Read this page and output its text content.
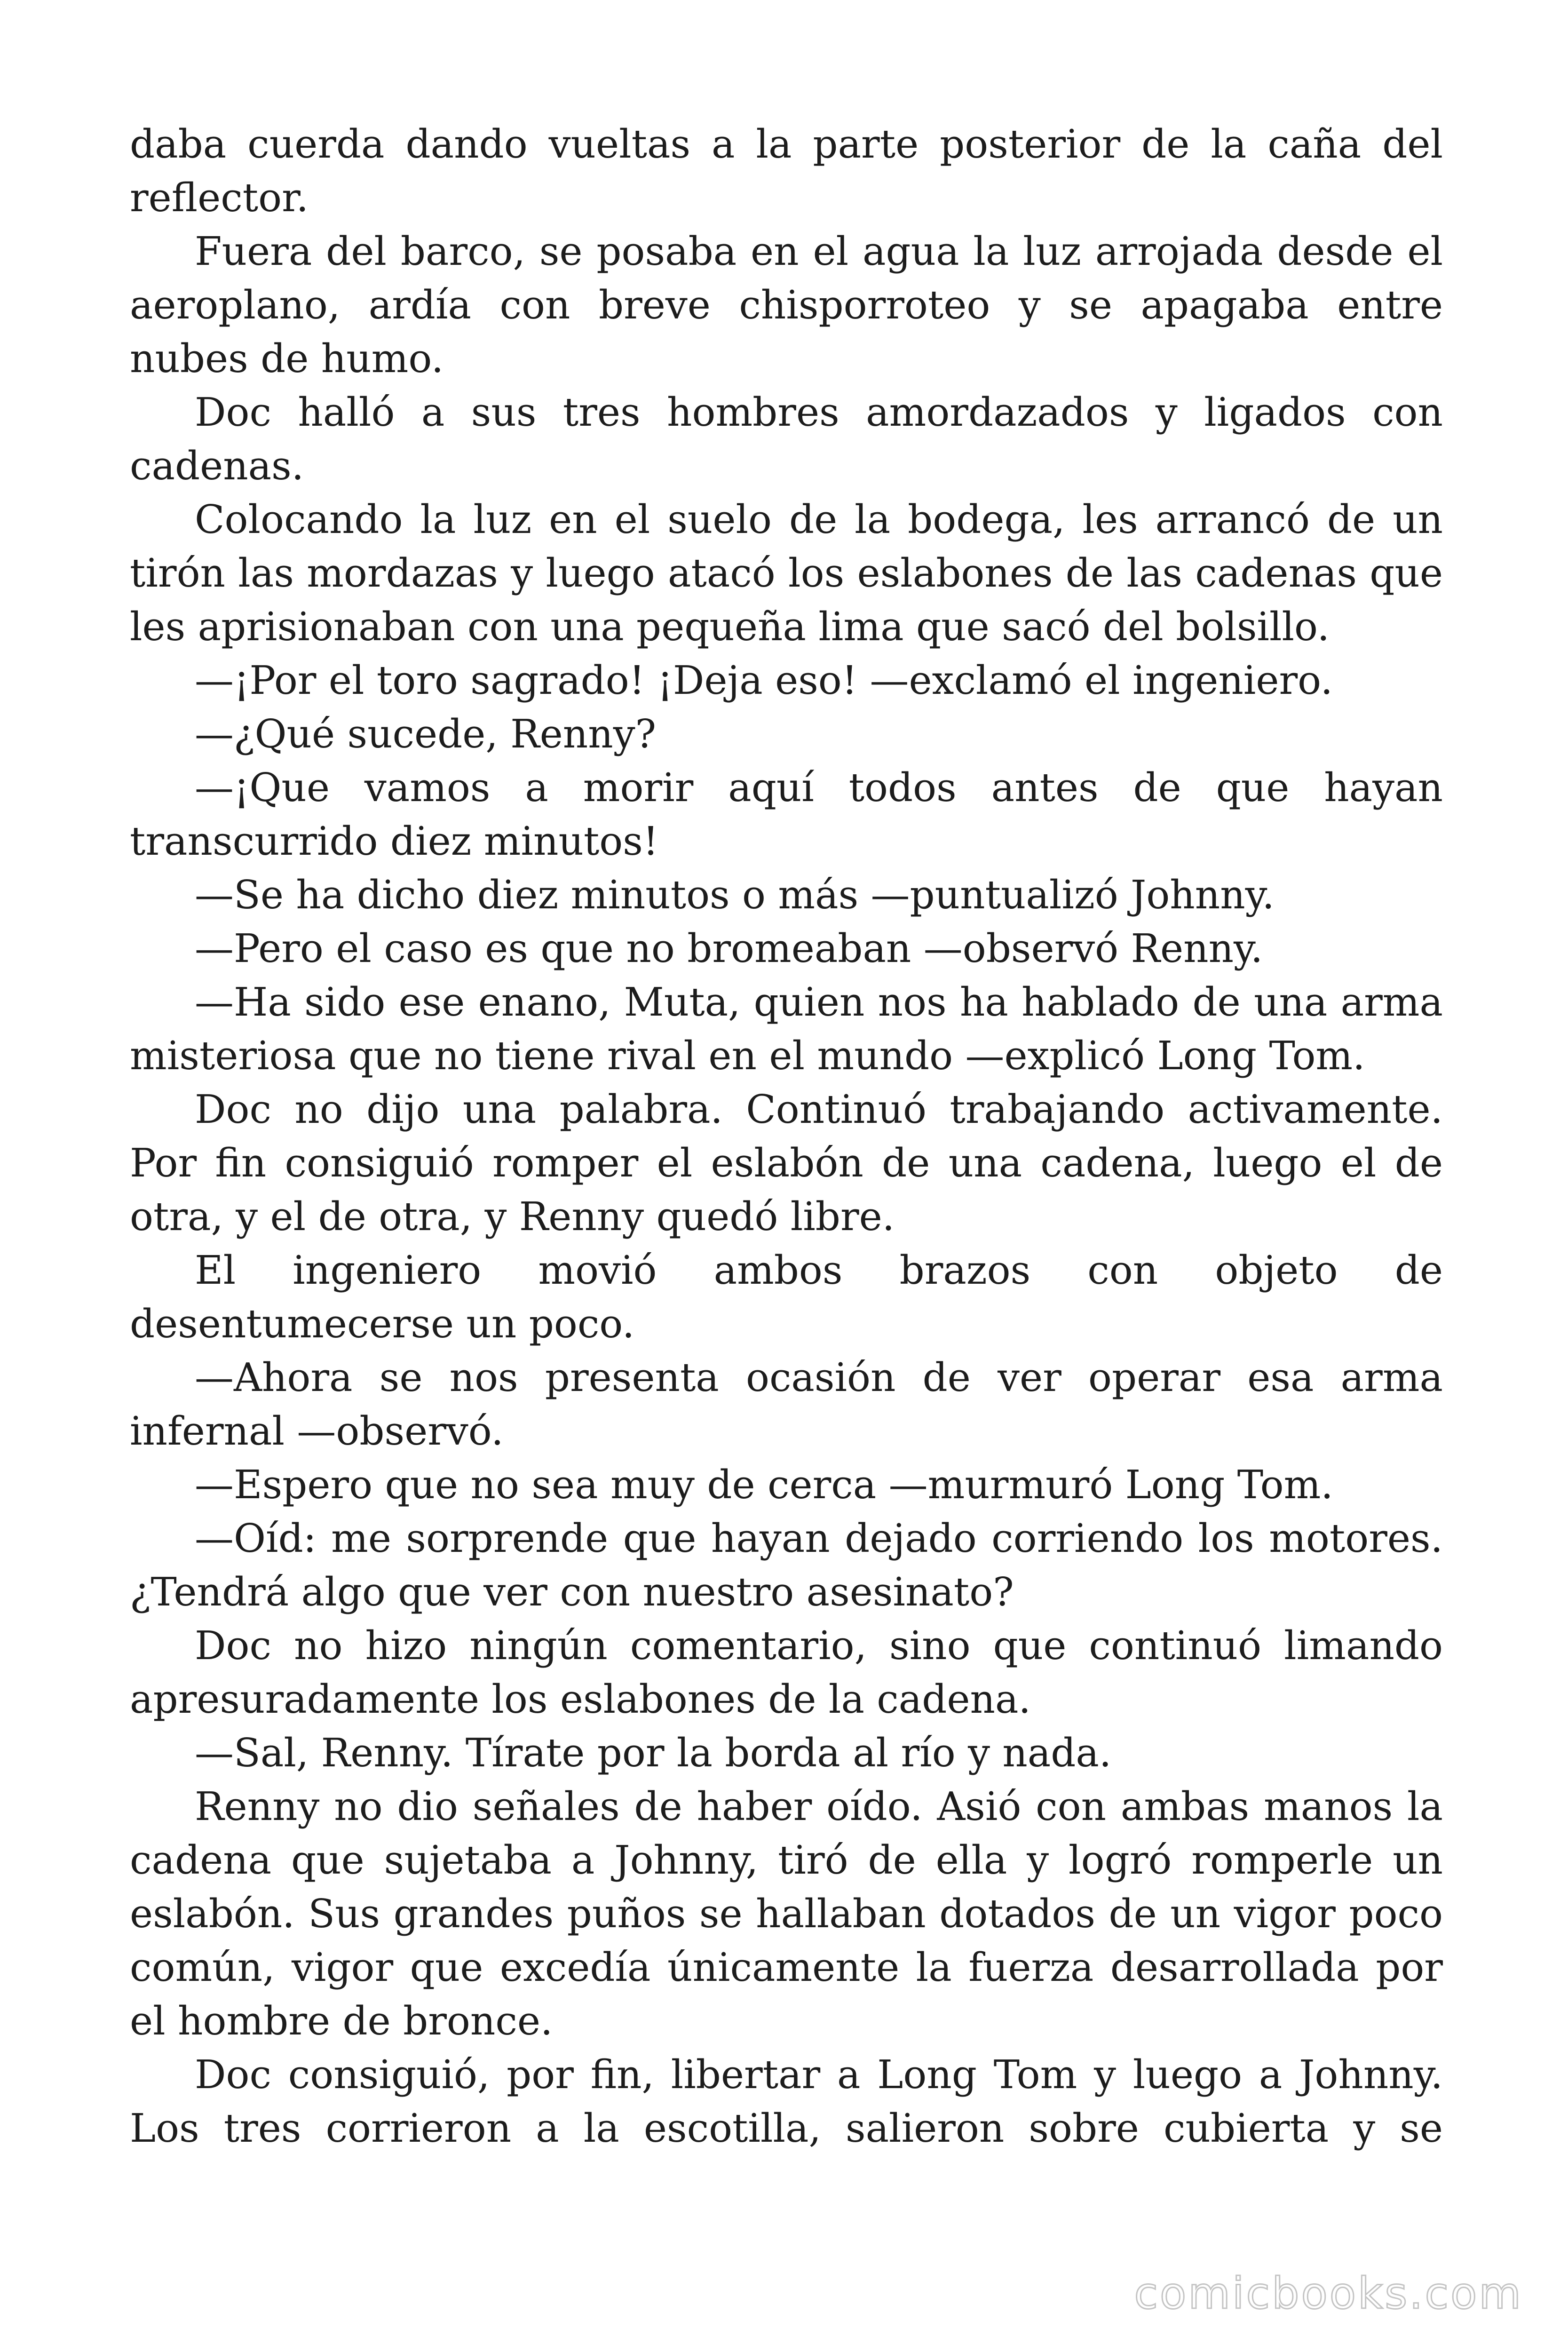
daba cuerda dando vueltas a la parte posterior de la caña del reflector.

Fuera del barco, se posaba en el agua la luz arrojada desde el aeroplano, ardía con breve chisporroteo y se apagaba entre nubes de humo.

Doc halló a sus tres hombres amordazados y ligados con cadenas.

Colocando la luz en el suelo de la bodega, les arrancó de un tirón las mordazas y luego atacó los eslabones de las cadenas que les aprisionaban con una pequeña lima que sacó del bolsillo.

—¡Por el toro sagrado! ¡Deja eso! —exclamó el ingeniero.

—¿Qué sucede, Renny?

—¡Que vamos a morir aquí todos antes de que hayan transcurrido diez minutos!

—Se ha dicho diez minutos o más —puntualizó Johnny.

—Pero el caso es que no bromeaban —observó Renny.

—Ha sido ese enano, Muta, quien nos ha hablado de una arma misteriosa que no tiene rival en el mundo —explicó Long Tom.

Doc no dijo una palabra. Continuó trabajando activamente. Por fin consiguió romper el eslabón de una cadena, luego el de otra, y el de otra, y Renny quedó libre.

El ingeniero movió ambos brazos con objeto de desentumecerse un poco.

—Ahora se nos presenta ocasión de ver operar esa arma infernal —observó.

—Espero que no sea muy de cerca —murmuró Long Tom.

—Oíd: me sorprende que hayan dejado corriendo los motores. ¿Tendrá algo que ver con nuestro asesinato?

Doc no hizo ningún comentario, sino que continuó limando apresuradamente los eslabones de la cadena.

—Sal, Renny. Tírate por la borda al río y nada.

Renny no dio señales de haber oído. Asió con ambas manos la cadena que sujetaba a Johnny, tiró de ella y logró romperle un eslabón. Sus grandes puños se hallaban dotados de un vigor poco común, vigor que excedía únicamente la fuerza desarrollada por el hombre de bronce.

Doc consiguió, por fin, libertar a Long Tom y luego a Johnny. Los tres corrieron a la escotilla, salieron sobre cubierta y se

comicbooks.com
